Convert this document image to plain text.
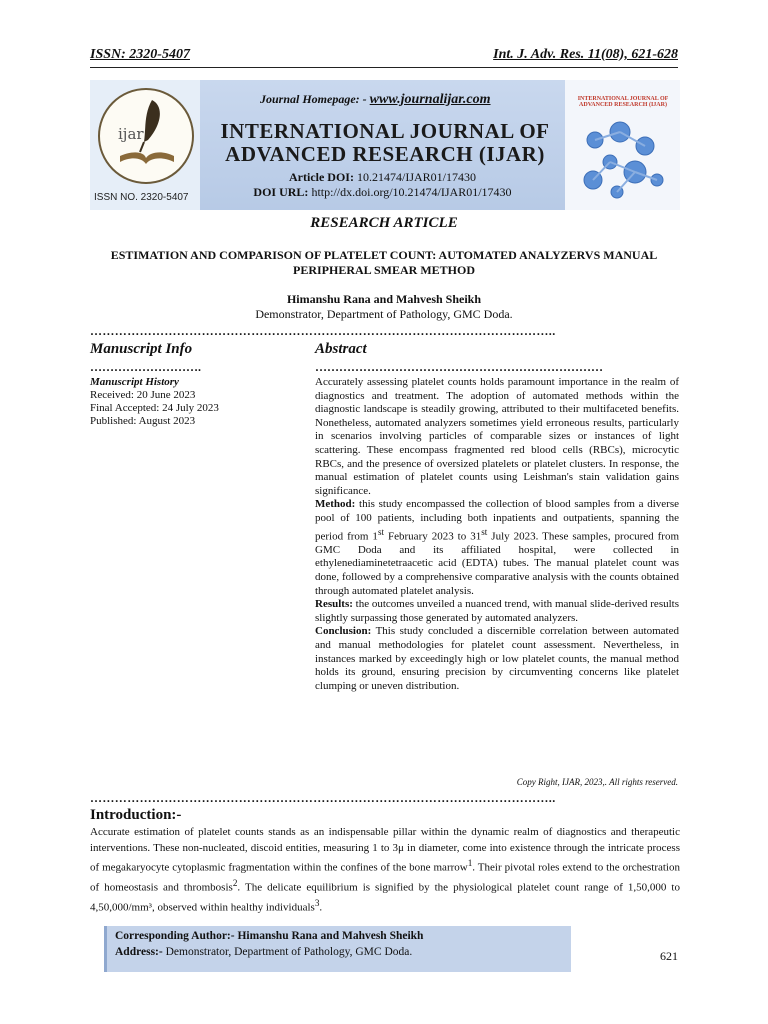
ISSN: 2320-5407	Int. J. Adv. Res. 11(08), 621-628
ijar
ISSN NO. 2320-5407
Journal Homepage: - www.journalijar.com
INTERNATIONAL JOURNAL OF
ADVANCED RESEARCH (IJAR)
Article DOI: 10.21474/IJAR01/17430
DOI URL: http://dx.doi.org/10.21474/IJAR01/17430
INTERNATIONAL JOURNAL OF ADVANCED RESEARCH (IJAR)
RESEARCH ARTICLE
ESTIMATION AND COMPARISON OF PLATELET COUNT: AUTOMATED ANALYZERVS MANUAL PERIPHERAL SMEAR METHOD
Himanshu Rana and Mahvesh Sheikh
Demonstrator, Department of Pathology, GMC Doda.
…………………………………………………………………………………………………..
Manuscript Info	Abstract
……………………….	………………………………………………………………
Manuscript History
Received: 20 June 2023
Final Accepted: 24 July 2023
Published: August 2023

Accurately assessing platelet counts holds paramount importance in the realm of diagnostics and treatment. The adoption of automated methods within the diagnostic landscape is steadily growing, attributed to their multifaceted benefits. Nonetheless, automated analyzers sometimes yield erroneous results, particularly in scenarios involving particles of comparable sizes or instances of light scattering. These encompass fragmented red blood cells (RBCs), microcytic RBCs, and the presence of oversized platelets or platelet clusters. In response, the manual estimation of platelet counts using Leishman's stain validation gains significance.

Method: this study encompassed the collection of blood samples from a diverse pool of 100 patients, including both inpatients and outpatients, spanning the period from 1st February 2023 to 31st July 2023. These samples, procured from GMC Doda and its affiliated hospital, were collected in ethylenediaminetetraacetic acid (EDTA) tubes. The manual platelet count was done, followed by a comprehensive comparative analysis with the counts obtained through automated platelet analysis.

Results: the outcomes unveiled a nuanced trend, with manual slide-derived results slightly surpassing those generated by automated analyzers.

Conclusion: This study concluded a discernible correlation between automated and manual methodologies for platelet count assessment. Nevertheless, in instances marked by exceedingly high or low platelet counts, the manual method holds its ground, ensuring precision by circumventing concerns like platelet clumping or uneven distribution.

Copy Right, IJAR, 2023,. All rights reserved.
…………………………………………………………………………………………………..
Introduction:-
Accurate estimation of platelet counts stands as an indispensable pillar within the dynamic realm of diagnostics and therapeutic interventions. These non-nucleated, discoid entities, measuring 1 to 3μ in diameter, come into existence through the intricate process of megakaryocyte cytoplasmic fragmentation within the confines of the bone marrow$^1$. Their pivotal roles extend to the orchestration of homeostasis and thrombosis$^2$. The delicate equilibrium is signified by the physiological platelet count range of 1,50,000 to 4,50,000/mm³, observed within healthy individuals$^3$.
Corresponding Author:- Himanshu Rana and Mahvesh Sheikh
Address:- Demonstrator, Department of Pathology, GMC Doda.	621
